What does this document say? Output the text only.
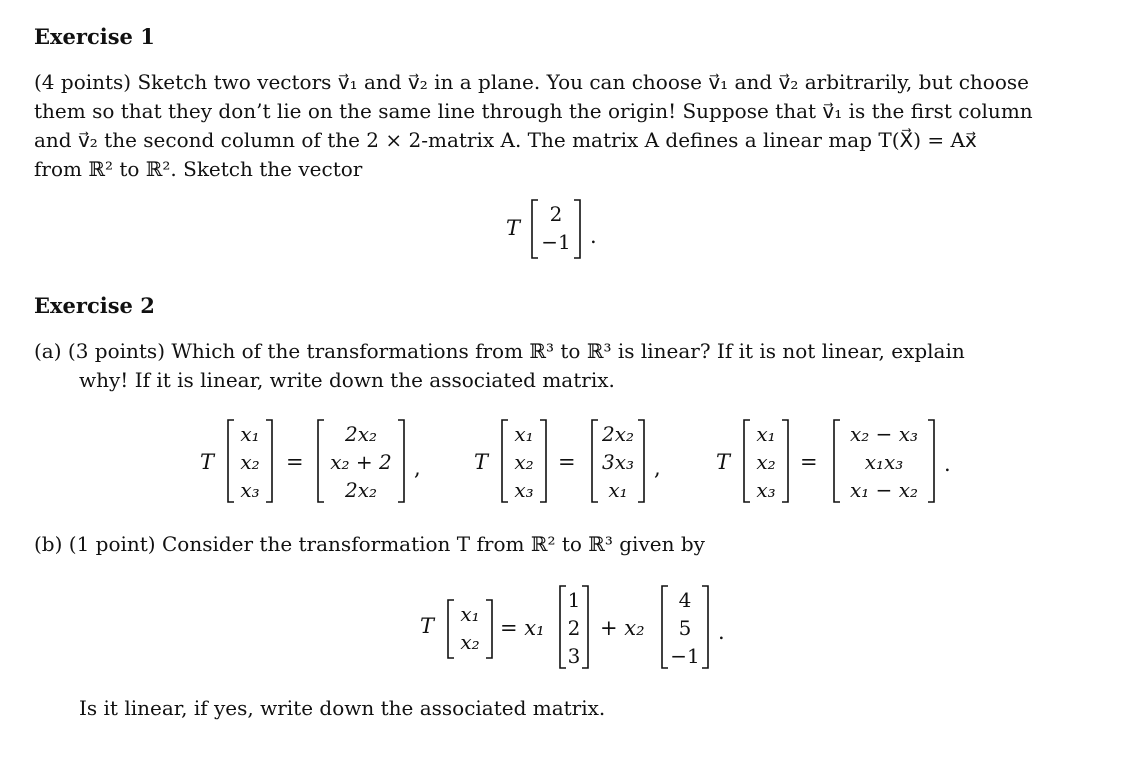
Exercise 1
(4 points) Sketch two vectors v⃗₁ and v⃗₂ in a plane. You can choose v⃗₁ and v⃗₂ arbitrarily, but choose
them so that they don’t lie on the same line through the origin! Suppose that v⃗₁ is the first column
and v⃗₂ the second column of the 2 × 2-matrix A. The matrix A defines a linear map T(X⃗) = Ax⃗
from ℝ² to ℝ². Sketch the vector
T
2
−1 .
Exercise 2
(a) (3 points) Which of the transformations from ℝ³ to ℝ³ is linear? If it is not linear, explain
why! If it is linear, write down the associated matrix.
T
x₁
x₂
x₃
=
2x₂
x₂ + 2
2x₂
,	T
x₁
x₂
x₃
=
2x₂
3x₃
x₁
,	T
x₁
x₂
x₃
=
x₂ − x₃
x₁x₃
x₁ − x₂
.
(b) (1 point) Consider the transformation T from ℝ² to ℝ³ given by
T	x₁
x₂
= x₁
1
2
3
+ x₂
4
5
−1
.
Is it linear, if yes, write down the associated matrix.
